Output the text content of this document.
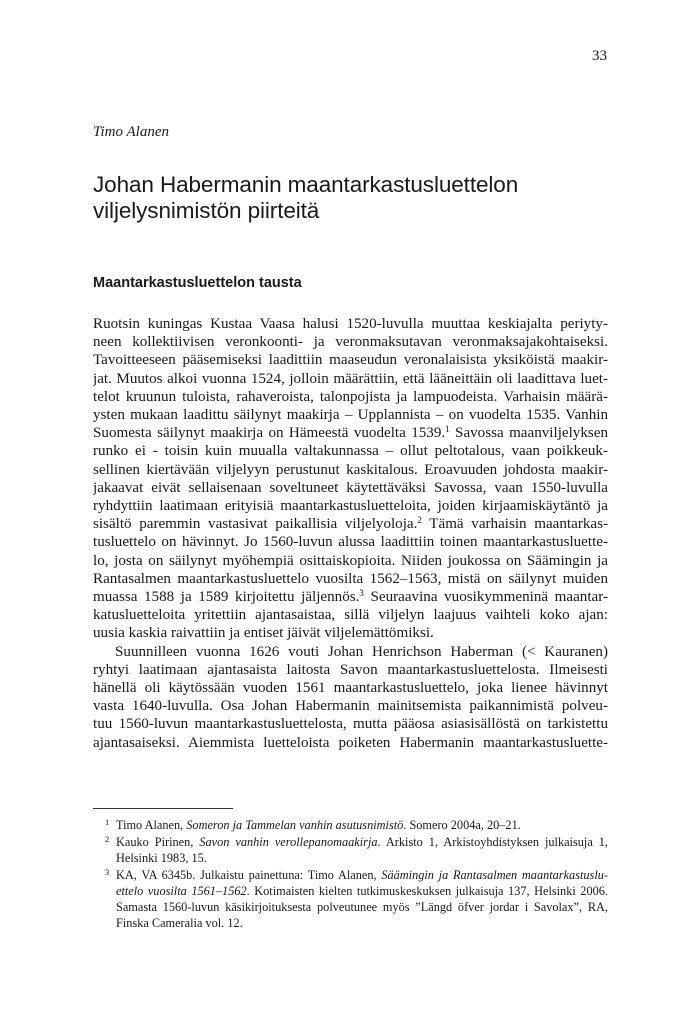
33
Timo Alanen
Johan Habermanin maantarkastusluettelon
viljelysnimistön piirteitä
Maantarkastusluettelon tausta
Ruotsin kuningas Kustaa Vaasa halusi 1520-luvulla muuttaa keskiajalta periyty-
neen kollektiivisen veronkoonti- ja veronmaksutavan veronmaksajakohtaiseksi.
Tavoitteeseen pääsemiseksi laadittiin maaseudun veronalaisista yksiköistä maakir-
jat. Muutos alkoi vuonna 1524, jolloin määrättiin, että lääneittäin oli laadittava luet-
telot kruunun tuloista, rahaveroista, talonpojista ja lampuodeista. Varhaisin määrä-
ysten mukaan laadittu säilynyt maakirja – Upplannista – on vuodelta 1535. Vanhin
Suomesta säilynyt maakirja on Hämeestä vuodelta 1539.$^1$ Savossa maanviljelyksen
runko ei - toisin kuin muualla valtakunnassa – ollut peltotalous, vaan poikkeuk-
sellinen kiertävään viljelyyn perustunut kaskitalous. Eroavuuden johdosta maakir-
jakaavat eivät sellaisenaan soveltuneet käytettäväksi Savossa, vaan 1550-luvulla
ryhdyttiin laatimaan erityisiä maantarkastusluetteloita, joiden kirjaamiskäytäntö ja
sisältö paremmin vastasivat paikallisia viljelyoloja.$^2$ Tämä varhaisin maantarkas-
tusluettelo on hävinnyt. Jo 1560-luvun alussa laadittiin toinen maantarkastusluette-
lo, josta on säilynyt myöhempiä osittaiskopioita. Niiden joukossa on Säämingin ja
Rantasalmen maantarkastusluettelo vuosilta 1562–1563, mistä on säilynyt muiden
muassa 1588 ja 1589 kirjoitettu jäljennös.$^3$ Seuraavina vuosikymmeninä maantar-
katusluetteloita yritettiin ajantasaistaa, sillä viljelyn laajuus vaihteli koko ajan:
uusia kaskia raivattiin ja entiset jäivät viljelemättömiksi.
Suunnilleen vuonna 1626 vouti Johan Henrichson Haberman (< Kauranen)
ryhtyi laatimaan ajantasaista laitosta Savon maantarkastusluettelosta. Ilmeisesti
hänellä oli käytössään vuoden 1561 maantarkastusluettelo, joka lienee hävinnyt
vasta 1640-luvulla. Osa Johan Habermanin mainitsemista paikannimistä polveu-
tuu 1560-luvun maantarkastusluettelosta, mutta pääosa asiasisällöstä on tarkistettu
ajantasaiseksi. Aiemmista luetteloista poiketen Habermanin maantarkastusluette-
1 Timo Alanen, Someron ja Tammelan vanhin asutusnimistö. Somero 2004a, 20–21.
2 Kauko Pirinen, Savon vanhin verollepanomaakirja. Arkisto 1, Arkistoyhdistyksen julkaisuja 1,
Helsinki 1983, 15.
3 KA, VA 6345b. Julkaistu painettuna: Timo Alanen, Säämingin ja Rantasalmen maantarkastuslu-
ettelo vuosilta 1561–1562. Kotimaisten kielten tutkimuskeskuksen julkaisuja 137, Helsinki 2006.
Samasta 1560-luvun käsikirjoituksesta polveutunee myös ”Längd öfver jordar i Savolax”, RA,
Finska Cameralia vol. 12.
